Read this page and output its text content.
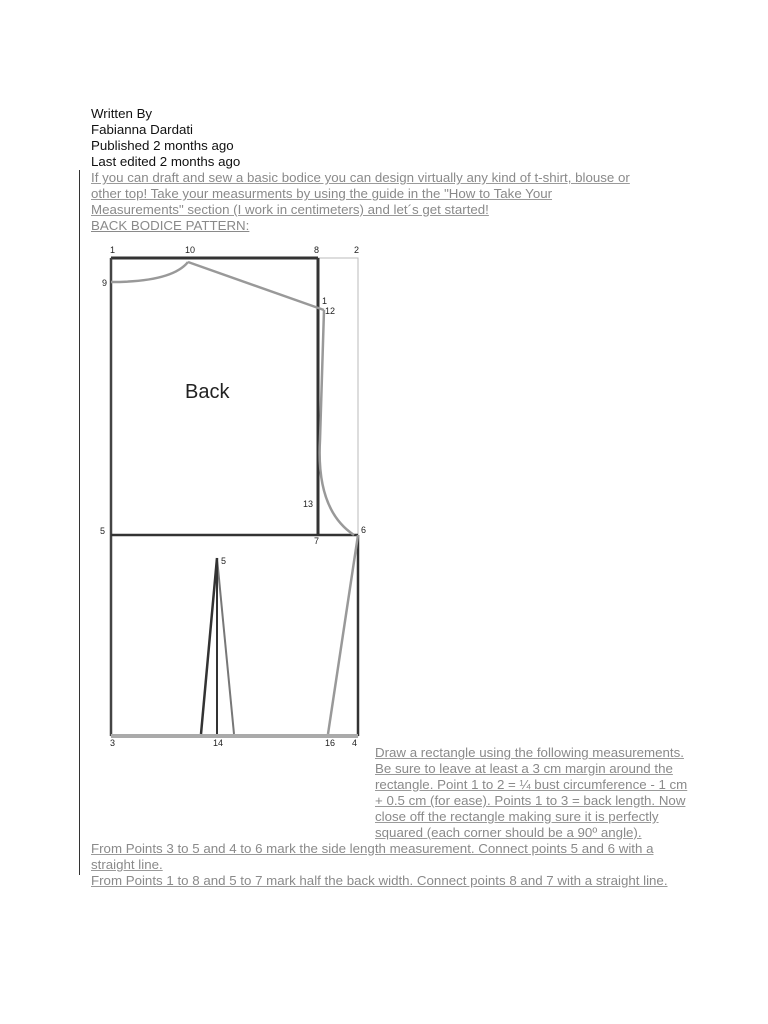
Written By
Fabianna Dardati
Published 2 months ago
Last edited 2 months ago
If you can draft and sew a basic bodice you can design virtually any kind of t-shirt, blouse or
other top! Take your measurments by using the guide in the "How to Take Your
Measurements" section (I work in centimeters) and let´s get started!
BACK BODICE PATTERN:
Back
1	10	8	2
9
1
12
13
5	6
7
5
3	14	16 4

Draw a rectangle using the following measurements. Be sure to leave at least a 3 cm margin around the rectangle. Point 1 to 2 = ¼ bust circumference - 1 cm + 0.5 cm (for ease). Points 1 to 3 = back length. Now close off the rectangle making sure it is perfectly squared (each corner should be a 90º angle).

From Points 3 to 5 and 4 to 6 mark the side length measurement. Connect points 5 and 6 with a straight line.

From Points 1 to 8 and 5 to 7 mark half the back width. Connect points 8 and 7 with a straight line.
